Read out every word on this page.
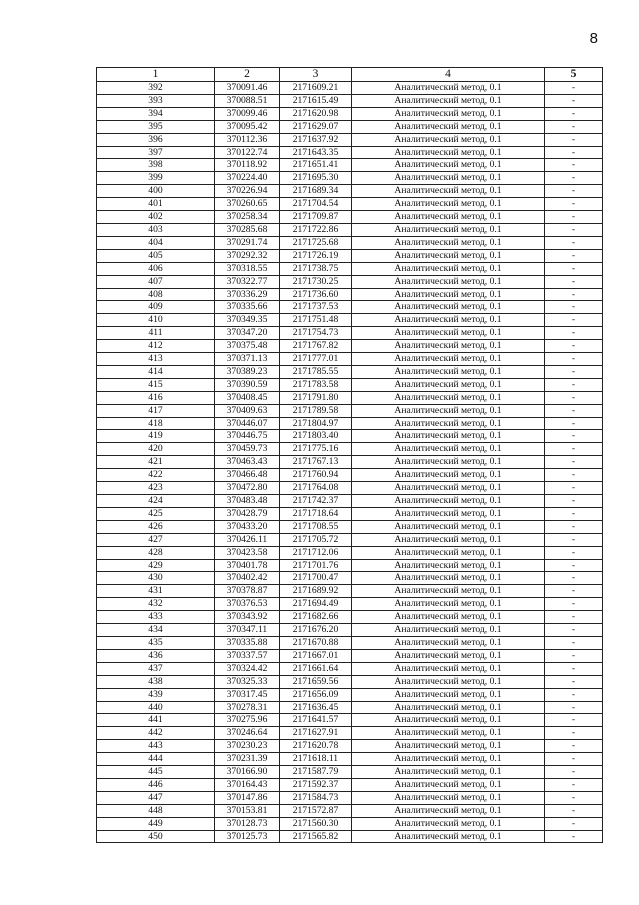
8
1	2	3	4	5
392	370091.46	2171609.21	Аналитический метод, 0.1	-
393	370088.51	2171615.49	Аналитический метод, 0.1	-
394	370099.46	2171620.98	Аналитический метод, 0.1	-
395	370095.42	2171629.07	Аналитический метод, 0.1	-
396	370112.36	2171637.92	Аналитический метод, 0.1	-
397	370122.74	2171643.35	Аналитический метод, 0.1	-
398	370118.92	2171651.41	Аналитический метод, 0.1	-
399	370224.40	2171695.30	Аналитический метод, 0.1	-
400	370226.94	2171689.34	Аналитический метод, 0.1	-
401	370260.65	2171704.54	Аналитический метод, 0.1	-
402	370258.34	2171709.87	Аналитический метод, 0.1	-
403	370285.68	2171722.86	Аналитический метод, 0.1	-
404	370291.74	2171725.68	Аналитический метод, 0.1	-
405	370292.32	2171726.19	Аналитический метод, 0.1	-
406	370318.55	2171738.75	Аналитический метод, 0.1	-
407	370322.77	2171730.25	Аналитический метод, 0.1	-
408	370336.29	2171736.60	Аналитический метод, 0.1	-
409	370335.66	2171737.53	Аналитический метод, 0.1	-
410	370349.35	2171751.48	Аналитический метод, 0.1	-
411	370347.20	2171754.73	Аналитический метод, 0.1	-
412	370375.48	2171767.82	Аналитический метод, 0.1	-
413	370371.13	2171777.01	Аналитический метод, 0.1	-
414	370389.23	2171785.55	Аналитический метод, 0.1	-
415	370390.59	2171783.58	Аналитический метод, 0.1	-
416	370408.45	2171791.80	Аналитический метод, 0.1	-
417	370409.63	2171789.58	Аналитический метод, 0.1	-
418	370446.07	2171804.97	Аналитический метод, 0.1	-
419	370446.75	2171803.40	Аналитический метод, 0.1	-
420	370459.73	2171775.16	Аналитический метод, 0.1	-
421	370463.43	2171767.13	Аналитический метод, 0.1	-
422	370466.48	2171760.94	Аналитический метод, 0.1	-
423	370472.80	2171764.08	Аналитический метод, 0.1	-
424	370483.48	2171742.37	Аналитический метод, 0.1	-
425	370428.79	2171718.64	Аналитический метод, 0.1	-
426	370433.20	2171708.55	Аналитический метод, 0.1	-
427	370426.11	2171705.72	Аналитический метод, 0.1	-
428	370423.58	2171712.06	Аналитический метод, 0.1	-
429	370401.78	2171701.76	Аналитический метод, 0.1	-
430	370402.42	2171700.47	Аналитический метод, 0.1	-
431	370378.87	2171689.92	Аналитический метод, 0.1	-
432	370376.53	2171694.49	Аналитический метод, 0.1	-
433	370343.92	2171682.66	Аналитический метод, 0.1	-
434	370347.11	2171676.20	Аналитический метод, 0.1	-
435	370335.88	2171670.88	Аналитический метод, 0.1	-
436	370337.57	2171667.01	Аналитический метод, 0.1	-
437	370324.42	2171661.64	Аналитический метод, 0.1	-
438	370325.33	2171659.56	Аналитический метод, 0.1	-
439	370317.45	2171656.09	Аналитический метод, 0.1	-
440	370278.31	2171636.45	Аналитический метод, 0.1	-
441	370275.96	2171641.57	Аналитический метод, 0.1	-
442	370246.64	2171627.91	Аналитический метод, 0.1	-
443	370230.23	2171620.78	Аналитический метод, 0.1	-
444	370231.39	2171618.11	Аналитический метод, 0.1	-
445	370166.90	2171587.79	Аналитический метод, 0.1	-
446	370164.43	2171592.37	Аналитический метод, 0.1	-
447	370147.86	2171584.73	Аналитический метод, 0.1	-
448	370153.81	2171572.87	Аналитический метод, 0.1	-
449	370128.73	2171560.30	Аналитический метод, 0.1	-
450	370125.73	2171565.82	Аналитический метод, 0.1	-
